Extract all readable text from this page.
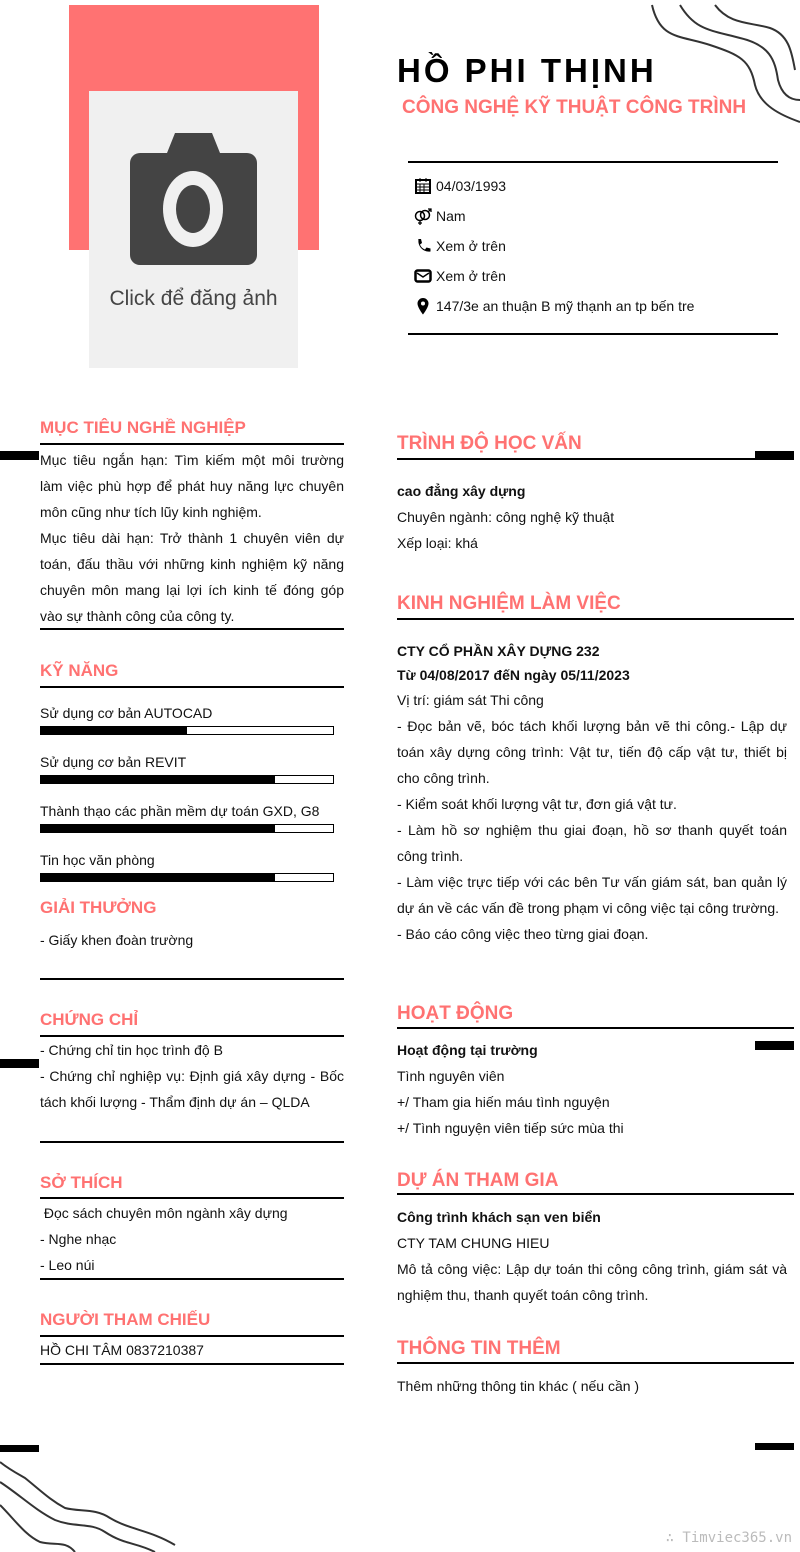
Click để đăng ảnh
HỒ PHI THỊNH
CÔNG NGHỆ KỸ THUẬT CÔNG TRÌNH
04/03/1993
Nam
Xem ở trên
Xem ở trên
147/3e an thuận B mỹ thạnh an tp bến tre
MỤC TIÊU NGHỀ NGHIỆP
Mục tiêu ngắn hạn: Tìm kiếm một môi trường làm việc phù hợp để phát huy năng lực chuyên môn cũng như tích lũy kinh nghiệm.
Mục tiêu dài hạn: Trở thành 1 chuyên viên dự toán, đấu thầu với những kinh nghiệm kỹ năng chuyên môn mang lại lợi ích kinh tế đóng góp vào sự thành công của công ty.
KỸ NĂNG
Sử dụng cơ bản AUTOCAD
Sử dụng cơ bản REVIT
Thành thạo các phần mềm dự toán GXD, G8
Tin học văn phòng
GIẢI THƯỞNG
- Giấy khen đoàn trường
CHỨNG CHỈ
- Chứng chỉ tin học trình độ B
- Chứng chỉ nghiệp vụ: Định giá xây dựng - Bốc tách khối lượng - Thẩm định dự án – QLDA
SỞ THÍCH
Đọc sách chuyên môn ngành xây dựng
- Nghe nhạc
- Leo núi
NGƯỜI THAM CHIẾU
HỒ CHI TÂM 0837210387
TRÌNH ĐỘ HỌC VẤN
cao đẳng xây dựng
Chuyên ngành: công nghệ kỹ thuật
Xếp loại: khá
KINH NGHIỆM LÀM VIỆC
CTY CỔ PHẦN XÂY DỰNG 232
Từ 04/08/2017 đếN ngày 05/11/2023
Vị trí: giám sát Thi công
- Đọc bản vẽ, bóc tách khối lượng bản vẽ thi công.- Lập dự toán xây dựng công trình: Vật tư, tiến độ cấp vật tư, thiết bị cho công trình.
- Kiểm soát khối lượng vật tư, đơn giá vật tư.
- Làm hồ sơ nghiệm thu giai đoạn, hồ sơ thanh quyết toán công trình.
- Làm việc trực tiếp với các bên Tư vấn giám sát, ban quản lý dự án về các vấn đề trong phạm vi công việc tại công trường.
- Báo cáo công việc theo từng giai đoạn.
HOẠT ĐỘNG
Hoạt động tại trường
Tình nguyên viên
+/ Tham gia hiến máu tình nguyện
+/ Tình nguyện viên tiếp sức mùa thi
DỰ ÁN THAM GIA
Công trình khách sạn ven biển
CTY TAM CHUNG HIEU
Mô tả công việc: Lập dự toán thi công công trình, giám sát và nghiệm thu, thanh quyết toán công trình.
THÔNG TIN THÊM
Thêm những thông tin khác ( nếu cần )
∴ Timviec365.vn
